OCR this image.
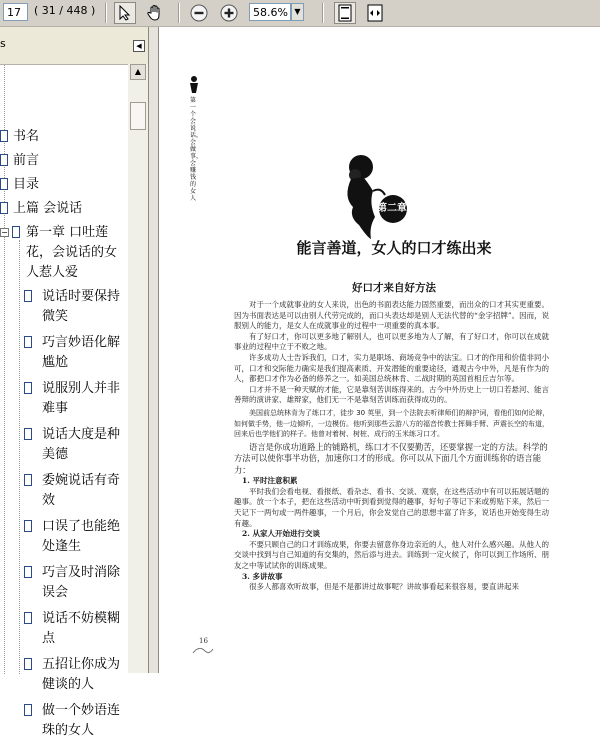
17	( 31 / 448 )	58.6% ▼
s	◀
书名
前言
目录
上篇 会说话
− 第一章 口吐莲
花，会说话的女
人惹人爱
说话时要保持
微笑
巧言妙语化解
尴尬
说服别人并非
难事
说话大度是种
美德
委婉说话有奇
效
口误了也能绝
处逢生
巧言及时消除
误会
说话不妨模糊
点
五招让你成为
健谈的人
做一个妙语连
珠的女人
▲
第一个会说话，会做事，会赚钱的女人
第二章
能言善道，女人的口才练出来
好口才来自好方法

对于一个成就事业的女人来说，出色的书面表达能力固然重要，而出众的口才其实更重要。因为书面表达是可以由别人代劳完成的，而口头表达却是别人无法代替的“金字招牌”。因而，说服别人的能力，是女人在成就事业的过程中一项重要的真本事。

有了好口才，你可以更多地了解别人，也可以更多地为人了解，有了好口才，你可以在成就事业的过程中立于不败之地。

许多成功人士告诉我们，口才，实力是职场、商场竞争中的法宝。口才的作用和价值非同小可，口才和交际能力确实是我们提高素质、开发潜能的重要途径，通观古今中外，凡是有作为的人，都把口才作为必备的修养之一。如美国总统林肯、二战时期的英国首相丘吉尔等。

口才并不是一种天赋的才能，它是靠刻苦训练得来的。古今中外历史上一切口若悬河、能言善辩的演讲家、雄辩家，他们无一不是靠刻苦训练而获得成功的。

美国前总统林肯为了练口才，徒步 30 英里，到一个法院去听律师们的辩护词，看他们如何论辩，如何做手势，他一边倾听，一边模仿。他听到那些云游八方的福音传教士挥舞手臂、声震长空的布道，回来后也学他们的样子。他曾对着树、树桩、成行的玉米练习口才。

语言是你成功道路上的铺路机，练口才不仅要勤苦，还要掌握一定的方法。科学的方法可以使你事半功倍，加速你口才的形成。你可以从下面几个方面训练你的语言能力：

1. 平时注意积累

平时我们会看电视、看报纸、看杂志、看书、交谈、观察，在这些活动中有可以拓展话题的趣事。放一个本子，把在这些活动中听到看到觉得的趣事，好句子等记下来或剪贴下来，然后一天记下一两句或一两件趣事，一个月后，你会发觉自己的思想丰富了许多，说话也开始变得生动有趣。

2. 从家人开始进行交谈

不要只顾自己的口才训练成果，你要去留意你身边亲近的人，他人对什么感兴趣。从他人的交谈中找到与自己知道的有交集的，然后添与进去。训练到一定火候了，你可以到工作场所、朋友之中等试试你的训练成果。

3. 多讲故事

很多人都喜欢听故事，但是不是都讲过故事呢？讲故事看起来很容易，要直讲起来

16
